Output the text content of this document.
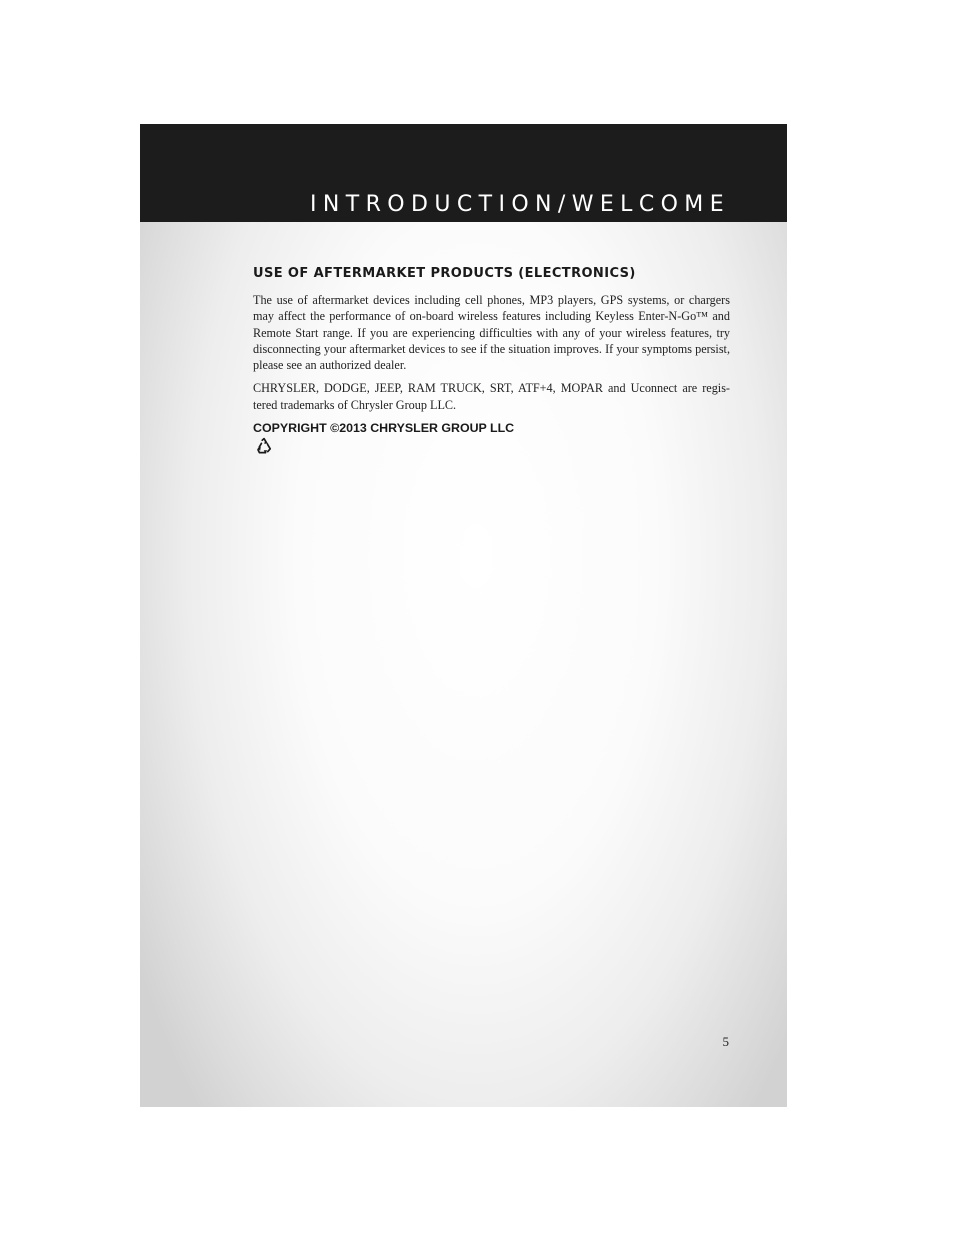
INTRODUCTION/WELCOME
USE OF AFTERMARKET PRODUCTS (ELECTRONICS)

The use of aftermarket devices including cell phones, MP3 players, GPS systems, or chargers may affect the performance of on-board wireless features including Keyless Enter-N-Go™ and Remote Start range. If you are experiencing difficulties with any of your wireless features, try disconnecting your aftermarket devices to see if the situation improves. If your symptoms persist, please see an authorized dealer.

CHRYSLER, DODGE, JEEP, RAM TRUCK, SRT, ATF+4, MOPAR and Uconnect are regis- tered trademarks of Chrysler Group LLC.

COPYRIGHT ©2013 CHRYSLER GROUP LLC
5
